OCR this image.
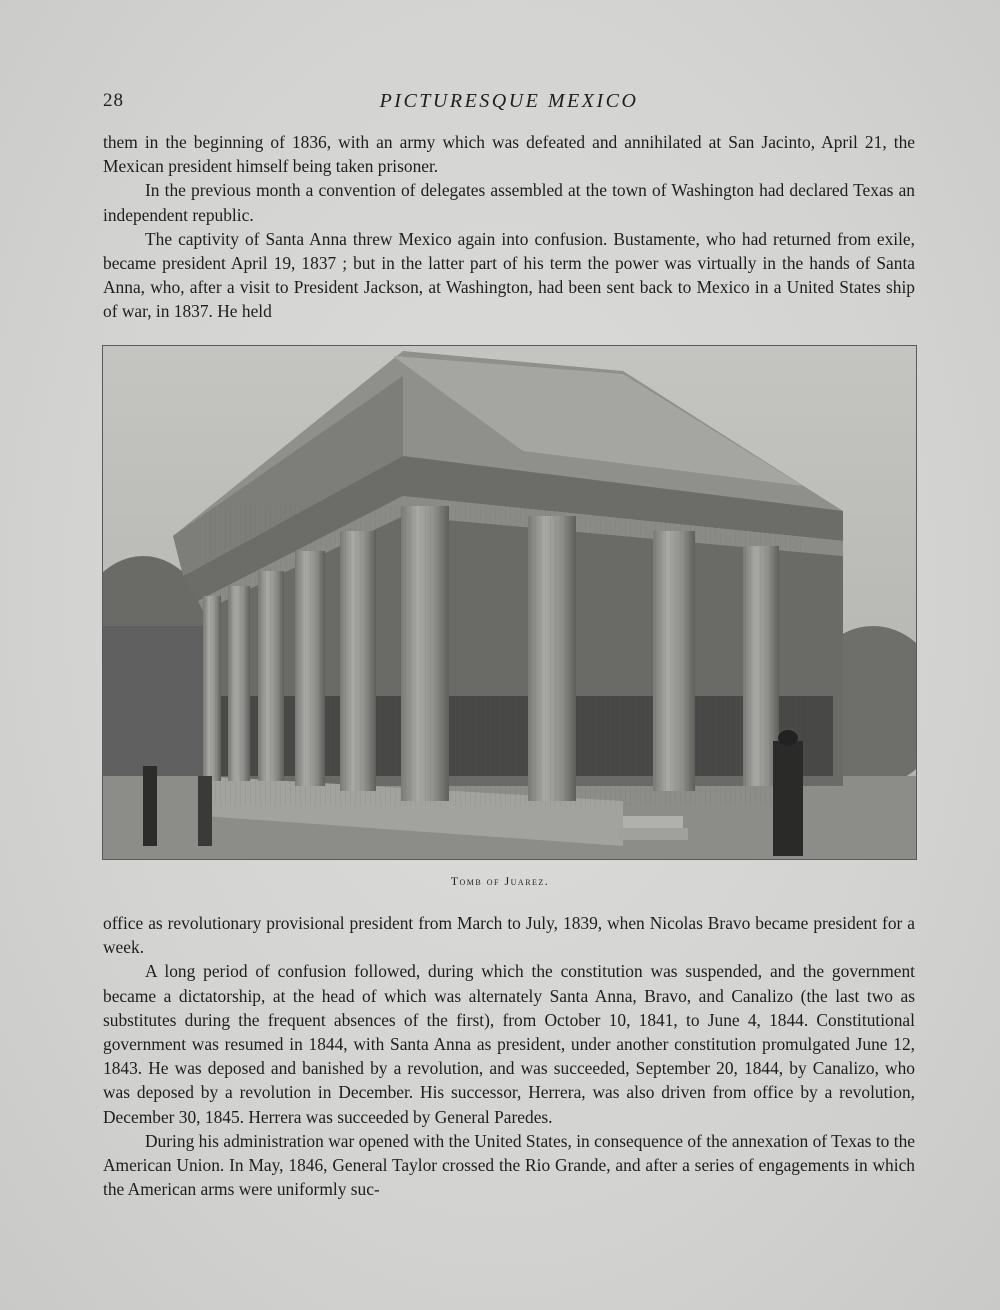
28	PICTURESQUE MEXICO

them in the beginning of 1836, with an army which was defeated and annihilated at San Jacinto, April 21, the Mexican president himself being taken prisoner.

In the previous month a convention of delegates assembled at the town of Washington had declared Texas an independent republic.

The captivity of Santa Anna threw Mexico again into confusion. Bustamente, who had returned from exile, became president April 19, 1837 ; but in the latter part of his term the power was virtually in the hands of Santa Anna, who, after a visit to President Jackson, at Washington, had been sent back to Mexico in a United States ship of war, in 1837. He held

Tomb of Juarez.

office as revolutionary provisional president from March to July, 1839, when Nicolas Bravo became president for a week.

A long period of confusion followed, during which the constitution was suspended, and the government became a dictatorship, at the head of which was alternately Santa Anna, Bravo, and Canalizo (the last two as substitutes during the frequent absences of the first), from October 10, 1841, to June 4, 1844. Constitutional government was resumed in 1844, with Santa Anna as president, under another constitution promulgated June 12, 1843. He was deposed and banished by a revolution, and was succeeded, September 20, 1844, by Canalizo, who was deposed by a revolution in December. His successor, Herrera, was also driven from office by a revolution, December 30, 1845. Herrera was succeeded by General Paredes.

During his administration war opened with the United States, in consequence of the annexation of Texas to the American Union. In May, 1846, General Taylor crossed the Rio Grande, and after a series of engagements in which the American arms were uniformly suc-
